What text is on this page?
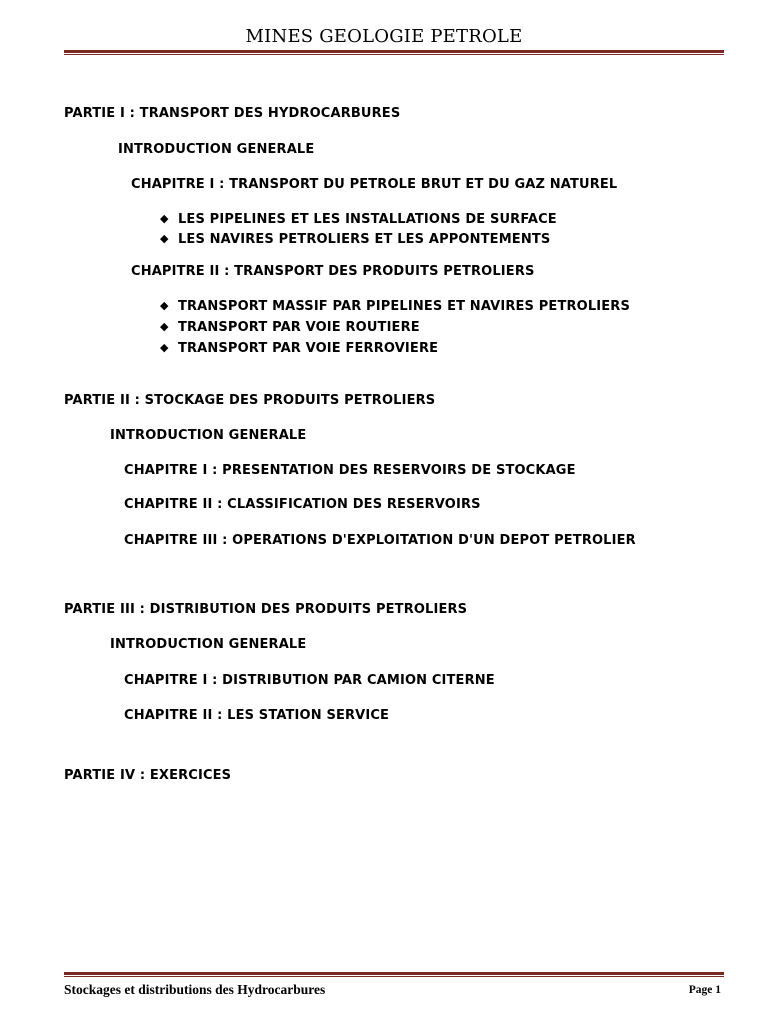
MINES GEOLOGIE PETROLE
PARTIE I : TRANSPORT DES HYDROCARBURES
INTRODUCTION GENERALE
CHAPITRE I : TRANSPORT DU PETROLE BRUT ET DU GAZ NATUREL
◆ LES PIPELINES ET LES INSTALLATIONS DE SURFACE
◆ LES NAVIRES PETROLIERS ET LES APPONTEMENTS
CHAPITRE II : TRANSPORT DES PRODUITS PETROLIERS
◆ TRANSPORT MASSIF PAR PIPELINES ET NAVIRES PETROLIERS
◆ TRANSPORT PAR VOIE ROUTIERE
◆ TRANSPORT PAR VOIE FERROVIERE
PARTIE II : STOCKAGE DES PRODUITS PETROLIERS
INTRODUCTION GENERALE
CHAPITRE I : PRESENTATION DES RESERVOIRS DE STOCKAGE
CHAPITRE II : CLASSIFICATION DES RESERVOIRS
CHAPITRE III : OPERATIONS D'EXPLOITATION D'UN DEPOT PETROLIER
PARTIE III : DISTRIBUTION DES PRODUITS PETROLIERS
INTRODUCTION GENERALE
CHAPITRE I : DISTRIBUTION PAR CAMION CITERNE
CHAPITRE II : LES STATION SERVICE
PARTIE IV : EXERCICES
Stockages et distributions des Hydrocarbures	Page 1
